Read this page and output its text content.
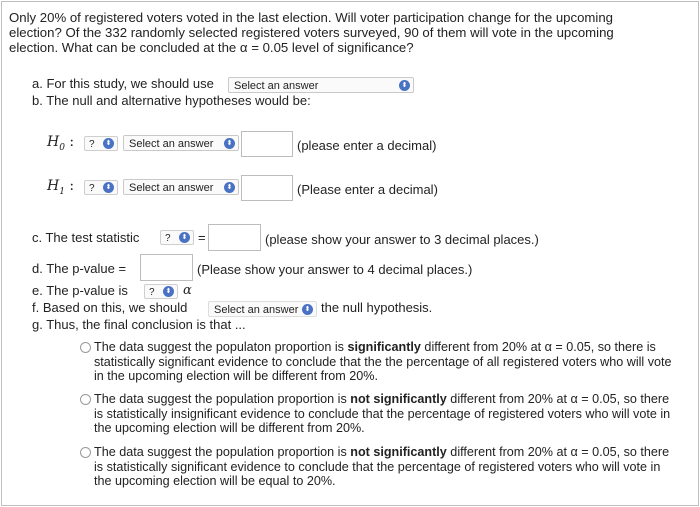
Only 20% of registered voters voted in the last election. Will voter participation change for the upcoming election? Of the 332 randomly selected registered voters surveyed, 90 of them will vote in the upcoming election. What can be concluded at the α = 0.05 level of significance?
a. For this study, we should use	Select an answer	⬍
b. The null and alternative hypotheses would be:
$H_0$ :	?	⬍	Select an answer	⬍	(please enter a decimal)
$H_1$ :	?	⬍	Select an answer	⬍	(Please enter a decimal)
c. The test statistic	?	⬍ =	(please show your answer to 3 decimal places.)
d. The p-value =	(Please show your answer to 4 decimal places.)
e. The p-value is	?	⬍ α
f. Based on this, we should	Select an answer ⬍ the null hypothesis.
g. Thus, the final conclusion is that ...
The data suggest the populaton proportion is significantly different from 20% at α = 0.05, so there is statistically significant evidence to conclude that the the percentage of all registered voters who will vote in the upcoming election will be different from 20%.
The data suggest the population proportion is not significantly different from 20% at α = 0.05, so there is statistically insignificant evidence to conclude that the percentage of registered voters who will vote in the upcoming election will be different from 20%.
The data suggest the population proportion is not significantly different from 20% at α = 0.05, so there is statistically significant evidence to conclude that the percentage of registered voters who will vote in the upcoming election will be equal to 20%.
